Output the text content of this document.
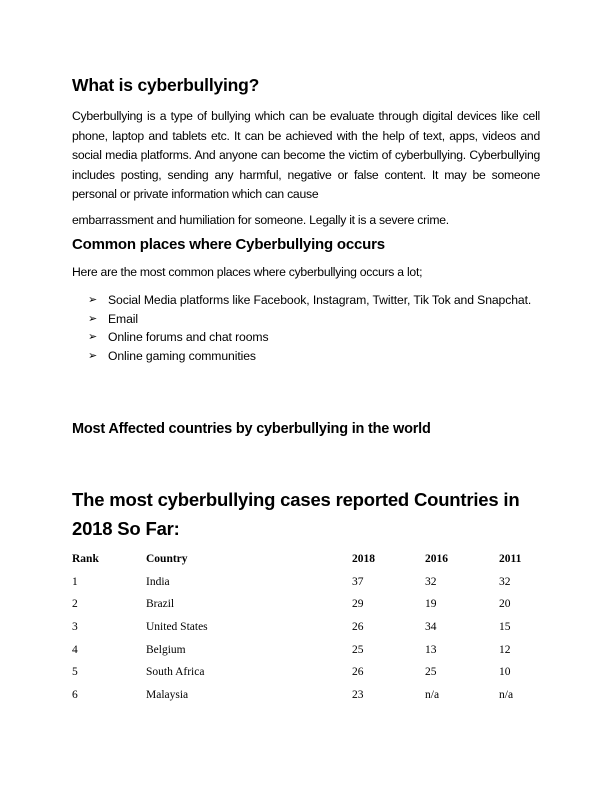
What is cyberbullying?
Cyberbullying is a type of bullying which can be evaluate through digital devices like cell phone, laptop and tablets etc. It can be achieved with the help of text, apps, videos and social media platforms. And anyone can become the victim of cyberbullying. Cyberbullying includes posting, sending any harmful, negative or false content. It may be someone personal or private information which can cause
embarrassment and humiliation for someone. Legally it is a severe crime.
Common places where Cyberbullying occurs
Here are the most common places where cyberbullying occurs a lot;
➢ Social Media platforms like Facebook, Instagram, Twitter, Tik Tok and Snapchat.
➢ Email
➢ Online forums and chat rooms
➢ Online gaming communities
Most Affected countries by cyberbullying in the world
The most cyberbullying cases reported Countries in 2018 So Far:
Rank	Country	2018	2016	2011
1	India	37	32	32
2	Brazil	29	19	20
3	United States	26	34	15
4	Belgium	25	13	12
5	South Africa	26	25	10
6	Malaysia	23	n/a	n/a
